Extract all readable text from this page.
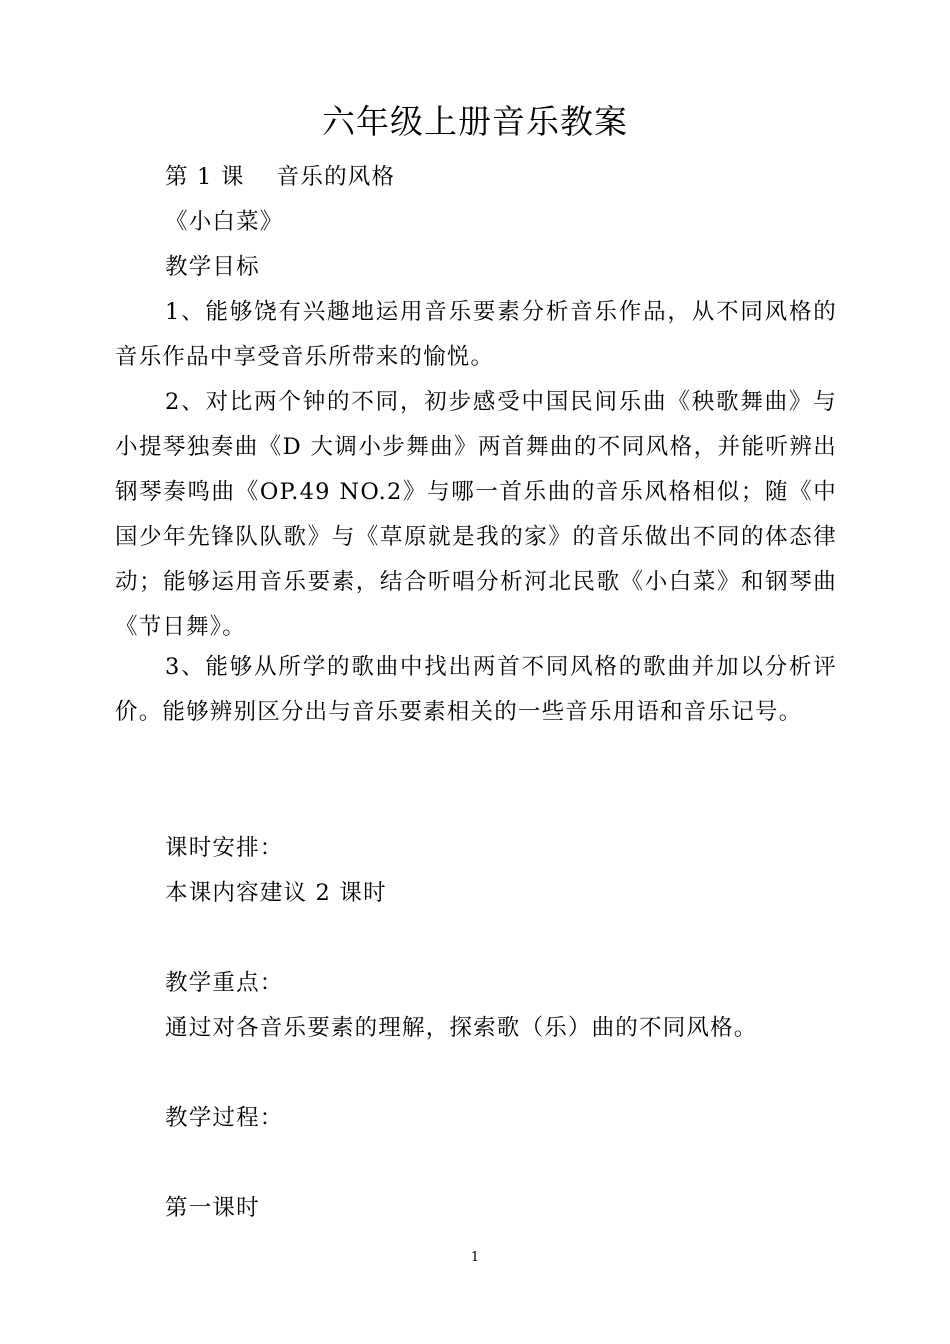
六年级上册音乐教案
第 1 课　 音乐的风格
《小白菜》
教学目标
1、能够饶有兴趣地运用音乐要素分析音乐作品，从不同风格的音乐作品中享受音乐所带来的愉悦。
2、对比两个钟的不同，初步感受中国民间乐曲《秧歌舞曲》与小提琴独奏曲《D 大调小步舞曲》两首舞曲的不同风格，并能听辨出钢琴奏鸣曲《OP.49 NO.2》与哪一首乐曲的音乐风格相似；随《中国少年先锋队队歌》与《草原就是我的家》的音乐做出不同的体态律动；能够运用音乐要素，结合听唱分析河北民歌《小白菜》和钢琴曲《节日舞》。
3、能够从所学的歌曲中找出两首不同风格的歌曲并加以分析评价。能够辨别区分出与音乐要素相关的一些音乐用语和音乐记号。
课时安排：
本课内容建议 2 课时
教学重点：
通过对各音乐要素的理解，探索歌（乐）曲的不同风格。
教学过程：
第一课时
1
